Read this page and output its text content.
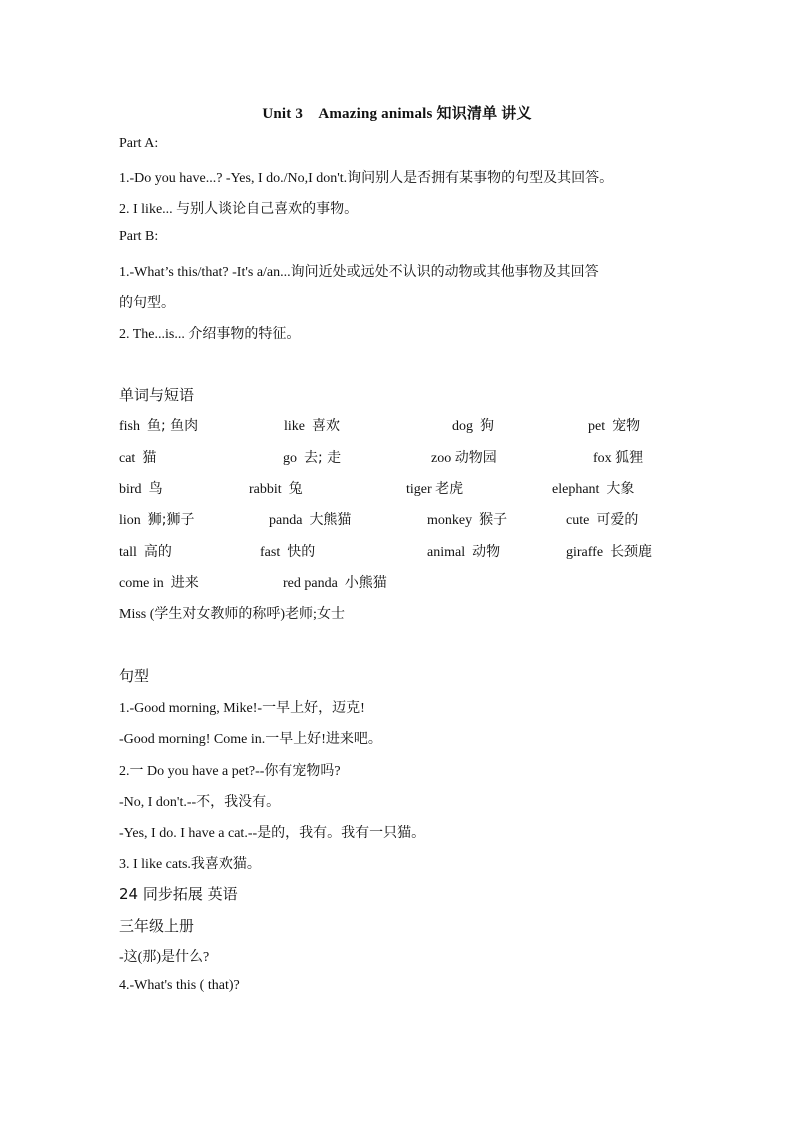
Unit 3　Amazing animals 知识清单 讲义
Part A:
1.-Do you have...? -Yes, I do./No,I don't.询问别人是否拥有某事物的句型及其回答。
2. I like... 与别人谈论自己喜欢的事物。
Part B:
1.-What’s this/that? -It's a/an...询问近处或远处不认识的动物或其他事物及其回答
的句型。
2. The...is... 介绍事物的特征。
单词与短语
fish 鱼; 鱼肉	like 喜欢	dog 狗	pet 宠物
cat 猫	go 去; 走	zoo 动物园	fox 狐狸
bird 鸟	rabbit 兔	tiger 老虎	elephant 大象
lion 狮;狮子	panda 大熊猫	monkey 猴子	cute 可爱的
tall 高的	fast 快的	animal 动物	giraffe 长颈鹿
come in 进来	red panda 小熊猫
Miss (学生对女教师的称呼)老师;女士
句型
1.-Good morning, Mike!-一早上好，迈克!
-Good morning! Come in.一早上好!进来吧。
2.一 Do you have a pet?--你有宠物吗?
-No, I don't.--不，我没有。
-Yes, I do. I have a cat.--是的，我有。我有一只猫。
3. I like cats.我喜欢猫。
24 同步拓展 英语
三年级上册
-这(那)是什么?
4.-What's this ( that)?
